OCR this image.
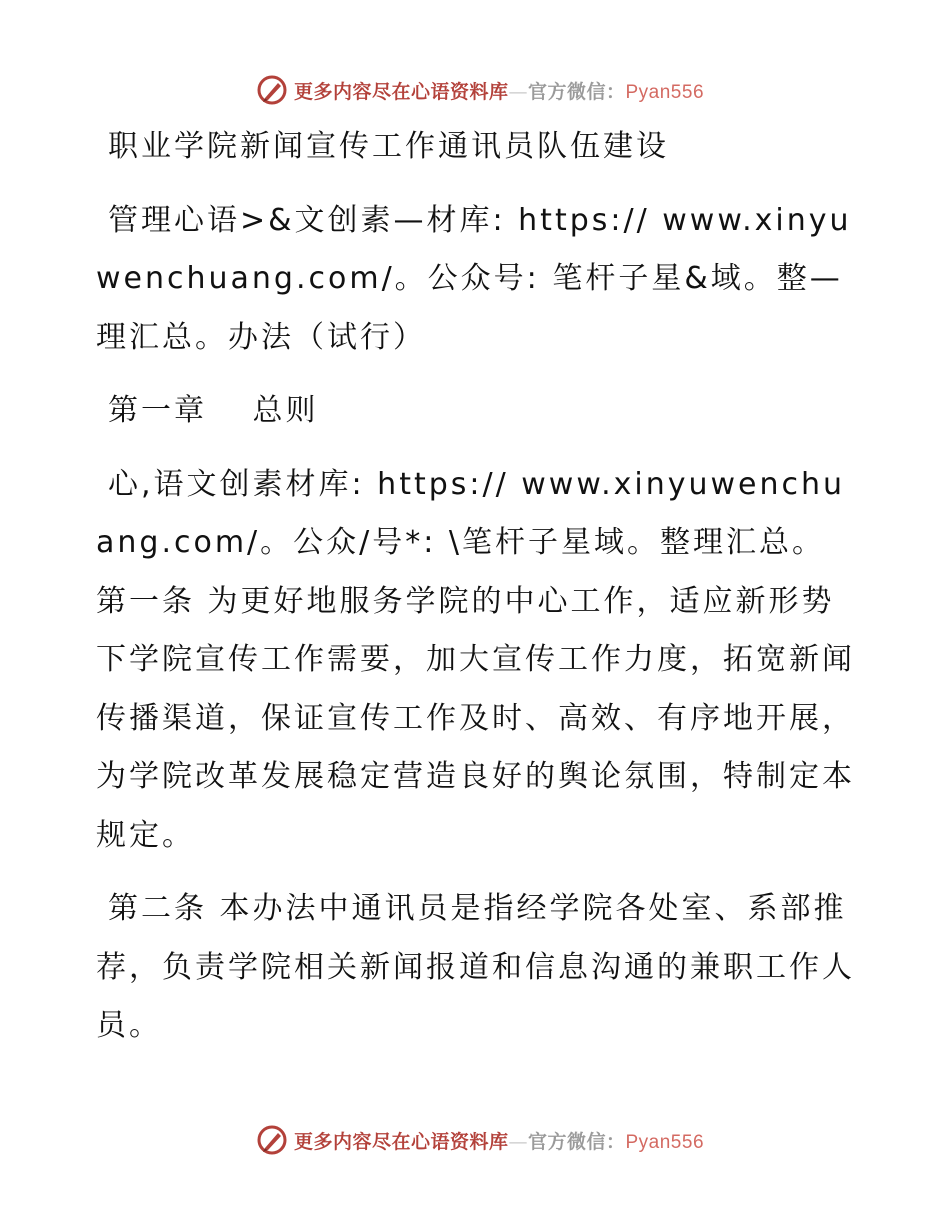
更多内容尽在心语资料库—官方微信：Pyan556

职业学院新闻宣传工作通讯员队伍建设

管理心语>&文创素—材库: https:// www.xinyuwenchuang.com/。公众号: 笔杆子星&域。整—理汇总。办法（试行）

第一章　 总则

心,语文创素材库: https:// www.xinyuwenchuang.com/。公众/号*: \笔杆子星域。整理汇总。第一条 为更好地服务学院的中心工作，适应新形势下学院宣传工作需要，加大宣传工作力度，拓宽新闻传播渠道，保证宣传工作及时、高效、有序地开展，为学院改革发展稳定营造良好的舆论氛围，特制定本规定。

第二条 本办法中通讯员是指经学院各处室、系部推荐，负责学院相关新闻报道和信息沟通的兼职工作人员。

更多内容尽在心语资料库—官方微信：Pyan556
